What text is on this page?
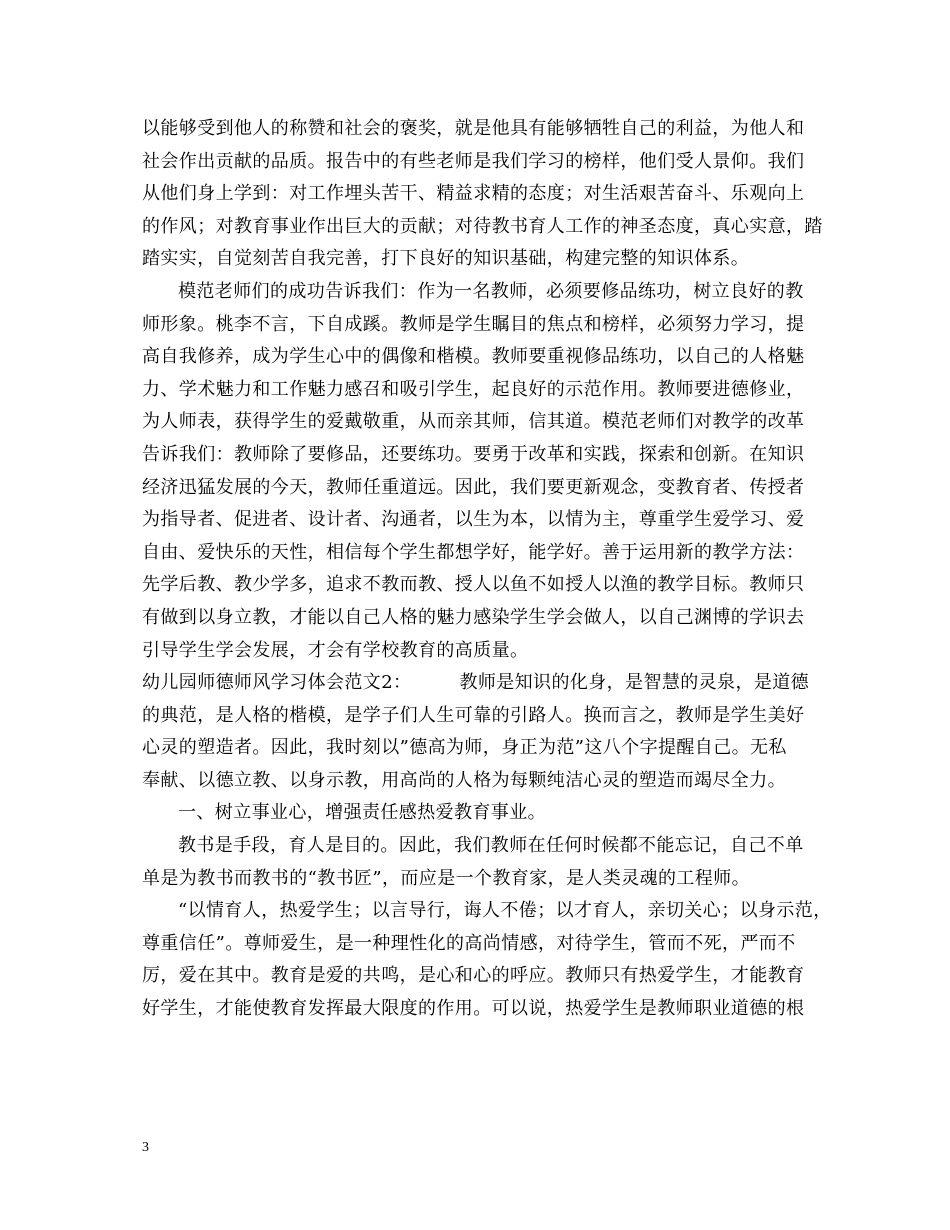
以能够受到他人的称赞和社会的褒奖，就是他具有能够牺牲自己的利益，为他人和
社会作出贡献的品质。报告中的有些老师是我们学习的榜样，他们受人景仰。我们
从他们身上学到：对工作埋头苦干、精益求精的态度；对生活艰苦奋斗、乐观向上
的作风；对教育事业作出巨大的贡献；对待教书育人工作的神圣态度，真心实意，踏
踏实实，自觉刻苦自我完善，打下良好的知识基础，构建完整的知识体系。
模范老师们的成功告诉我们：作为一名教师，必须要修品练功，树立良好的教
师形象。桃李不言，下自成蹊。教师是学生瞩目的焦点和榜样，必须努力学习，提
高自我修养，成为学生心中的偶像和楷模。教师要重视修品练功，以自己的人格魅
力、学术魅力和工作魅力感召和吸引学生，起良好的示范作用。教师要进德修业，
为人师表，获得学生的爱戴敬重，从而亲其师，信其道。模范老师们对教学的改革
告诉我们：教师除了要修品，还要练功。要勇于改革和实践，探索和创新。在知识
经济迅猛发展的今天，教师任重道远。因此，我们要更新观念，变教育者、传授者
为指导者、促进者、设计者、沟通者，以生为本，以情为主，尊重学生爱学习、爱
自由、爱快乐的天性，相信每个学生都想学好，能学好。善于运用新的教学方法：
先学后教、教少学多，追求不教而教、授人以鱼不如授人以渔的教学目标。教师只
有做到以身立教，才能以自己人格的魅力感染学生学会做人，以自己渊博的学识去
引导学生学会发展，才会有学校教育的高质量。
幼儿园师德师风学习体会范文2：	教师是知识的化身，是智慧的灵泉，是道德
的典范，是人格的楷模，是学子们人生可靠的引路人。换而言之，教师是学生美好
心灵的塑造者。因此，我时刻以”德高为师，身正为范”这八个字提醒自己。无私
奉献、以德立教、以身示教，用高尚的人格为每颗纯洁心灵的塑造而竭尽全力。
一、树立事业心，增强责任感热爱教育事业。
教书是手段，育人是目的。因此，我们教师在任何时候都不能忘记，自己不单
单是为教书而教书的“教书匠”，而应是一个教育家，是人类灵魂的工程师。
“以情育人，热爱学生；以言导行，诲人不倦；以才育人，亲切关心；以身示范，
尊重信任”。尊师爱生，是一种理性化的高尚情感，对待学生，管而不死，严而不
厉，爱在其中。教育是爱的共鸣，是心和心的呼应。教师只有热爱学生，才能教育
好学生，才能使教育发挥最大限度的作用。可以说，热爱学生是教师职业道德的根
3
